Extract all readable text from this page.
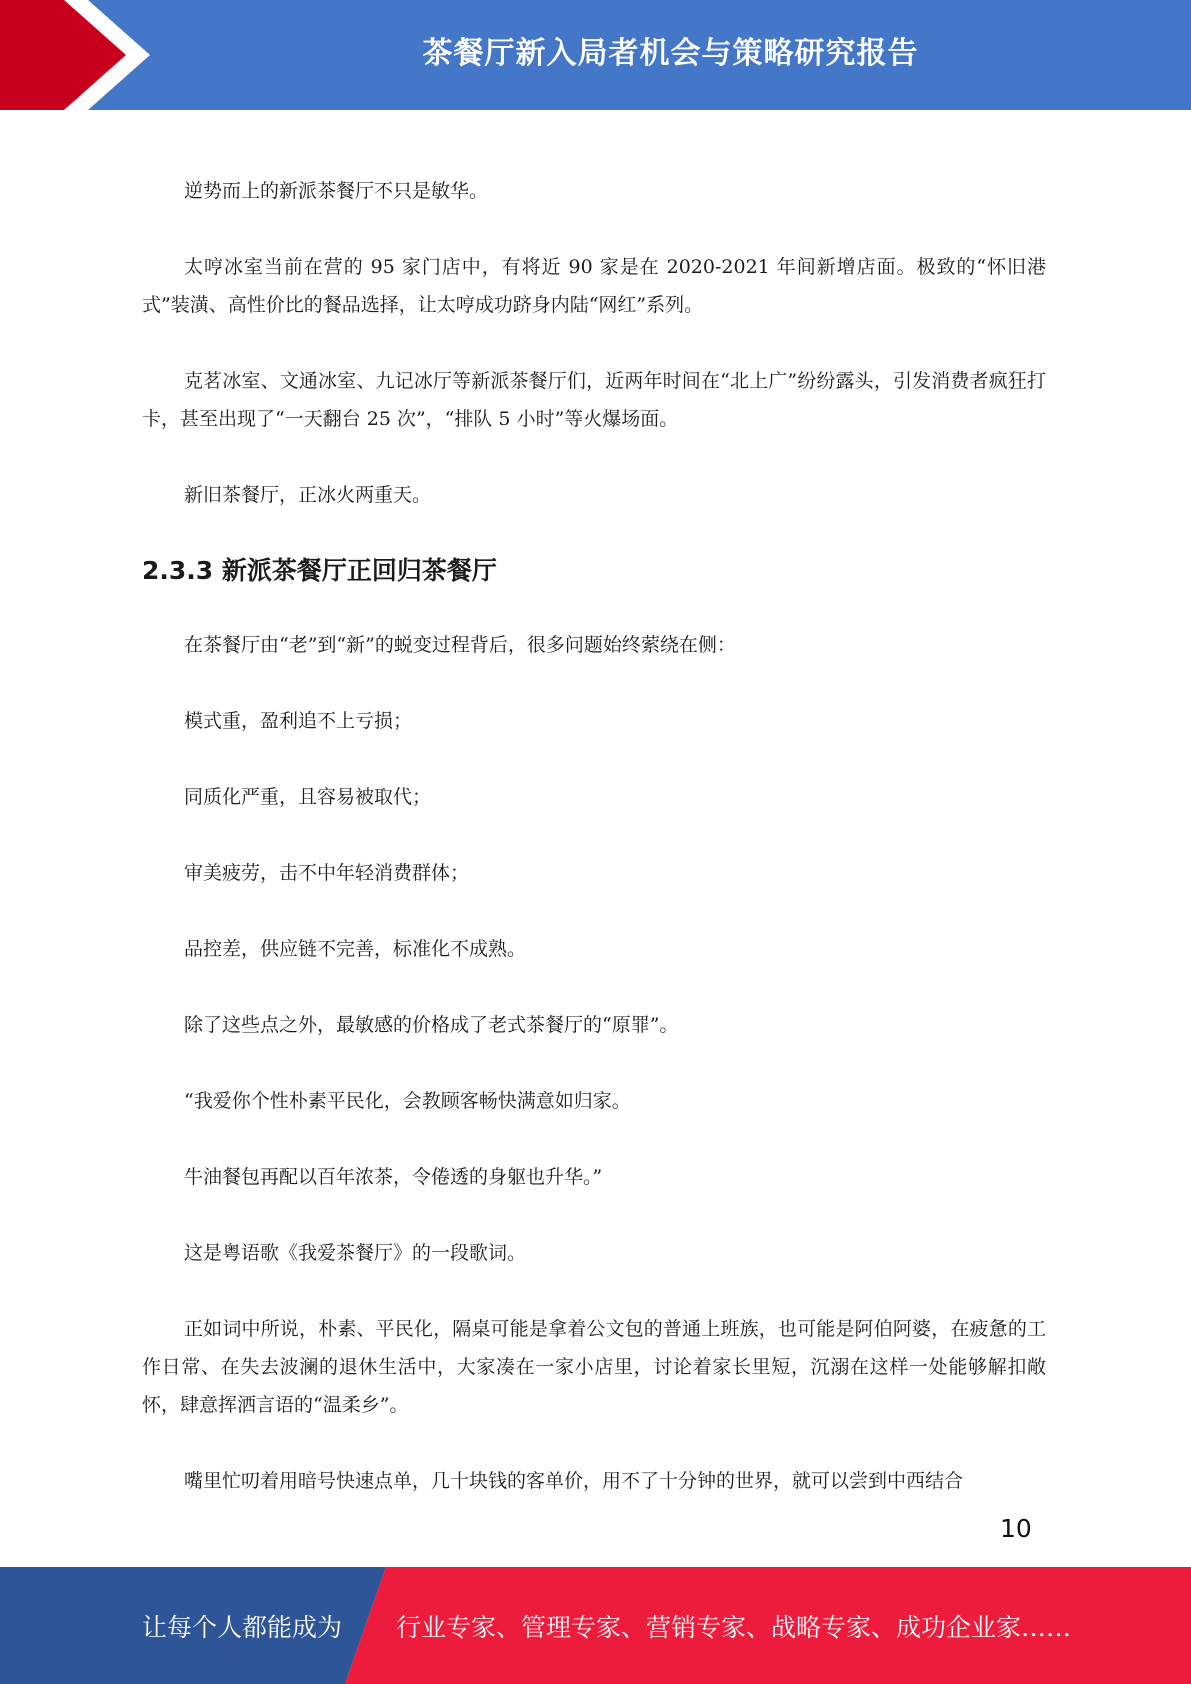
茶餐厅新入局者机会与策略研究报告

逆势而上的新派茶餐厅不只是敏华。

太哼冰室当前在营的 95 家门店中，有将近 90 家是在 2020-2021 年间新增店面。极致的“怀旧港式”装潢、高性价比的餐品选择，让太哼成功跻身内陆“网红”系列。

克茗冰室、文通冰室、九记冰厅等新派茶餐厅们，近两年时间在“北上广”纷纷露头，引发消费者疯狂打卡，甚至出现了“一天翻台 25 次”，“排队 5 小时”等火爆场面。

新旧茶餐厅，正冰火两重天。

2.3.3 新派茶餐厅正回归茶餐厅

在茶餐厅由“老”到“新”的蜕变过程背后，很多问题始终萦绕在侧：

模式重，盈利追不上亏损；

同质化严重，且容易被取代；

审美疲劳，击不中年轻消费群体；

品控差，供应链不完善，标准化不成熟。

除了这些点之外，最敏感的价格成了老式茶餐厅的“原罪”。

“我爱你个性朴素平民化，会教顾客畅快满意如归家。

牛油餐包再配以百年浓茶，令倦透的身躯也升华。”

这是粤语歌《我爱茶餐厅》的一段歌词。

正如词中所说，朴素、平民化，隔桌可能是拿着公文包的普通上班族，也可能是阿伯阿婆，在疲惫的工作日常、在失去波澜的退休生活中，大家凑在一家小店里，讨论着家长里短，沉溺在这样一处能够解扣敞怀，肆意挥洒言语的“温柔乡”。

嘴里忙叨着用暗号快速点单，几十块钱的客单价，用不了十分钟的世界，就可以尝到中西结合

10
让每个人都能成为 行业专家、管理专家、营销专家、战略专家、成功企业家……
